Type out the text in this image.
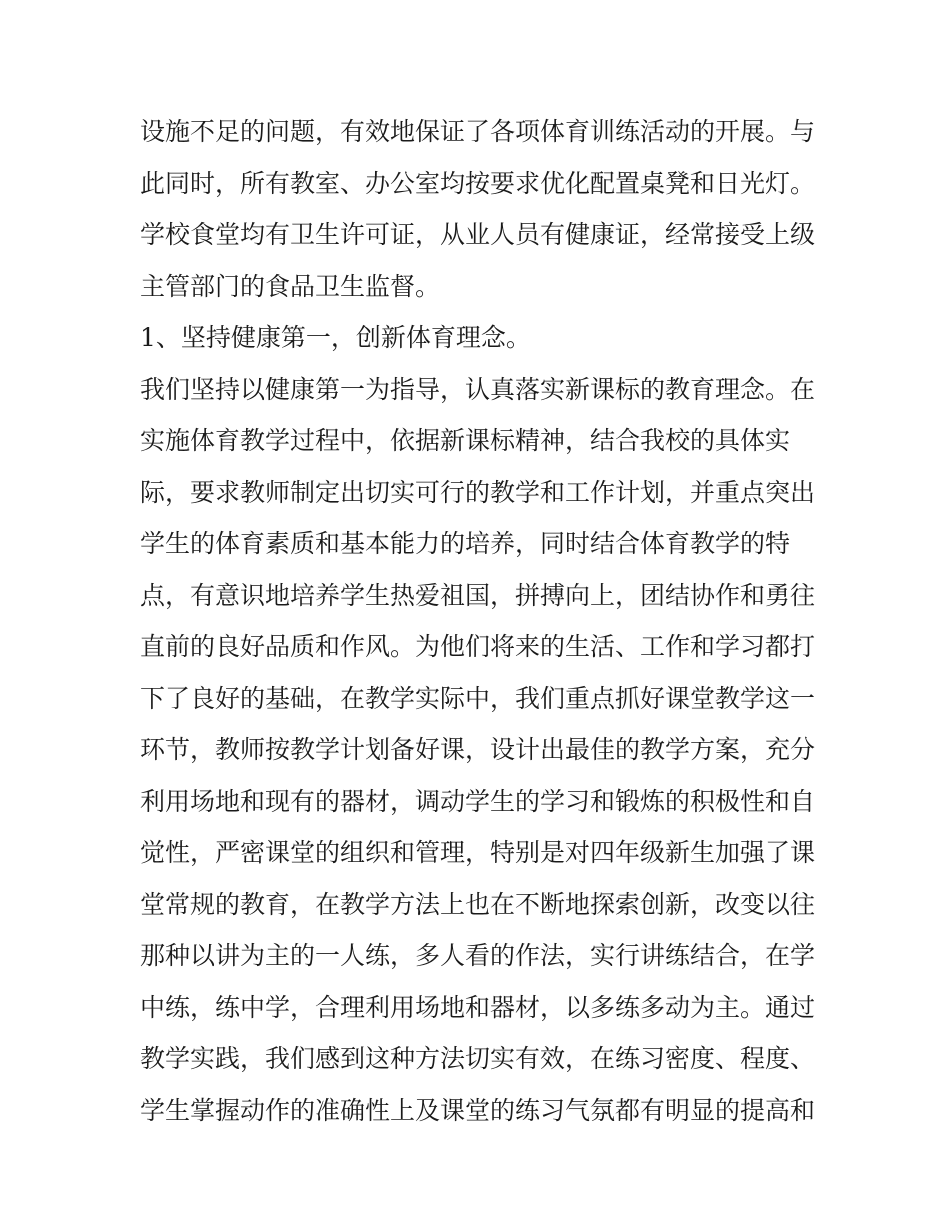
设施不足的问题，有效地保证了各项体育训练活动的开展。与
此同时，所有教室、办公室均按要求优化配置桌凳和日光灯。
学校食堂均有卫生许可证，从业人员有健康证，经常接受上级
主管部门的食品卫生监督。
1、坚持健康第一，创新体育理念。
我们坚持以健康第一为指导，认真落实新课标的教育理念。在
实施体育教学过程中，依据新课标精神，结合我校的具体实
际，要求教师制定出切实可行的教学和工作计划，并重点突出
学生的体育素质和基本能力的培养，同时结合体育教学的特
点，有意识地培养学生热爱祖国，拼搏向上，团结协作和勇往
直前的良好品质和作风。为他们将来的生活、工作和学习都打
下了良好的基础，在教学实际中，我们重点抓好课堂教学这一
环节，教师按教学计划备好课，设计出最佳的教学方案，充分
利用场地和现有的器材，调动学生的学习和锻炼的积极性和自
觉性，严密课堂的组织和管理，特别是对四年级新生加强了课
堂常规的教育，在教学方法上也在不断地探索创新，改变以往
那种以讲为主的一人练，多人看的作法，实行讲练结合，在学
中练，练中学，合理利用场地和器材，以多练多动为主。通过
教学实践，我们感到这种方法切实有效，在练习密度、程度、
学生掌握动作的准确性上及课堂的练习气氛都有明显的提高和
